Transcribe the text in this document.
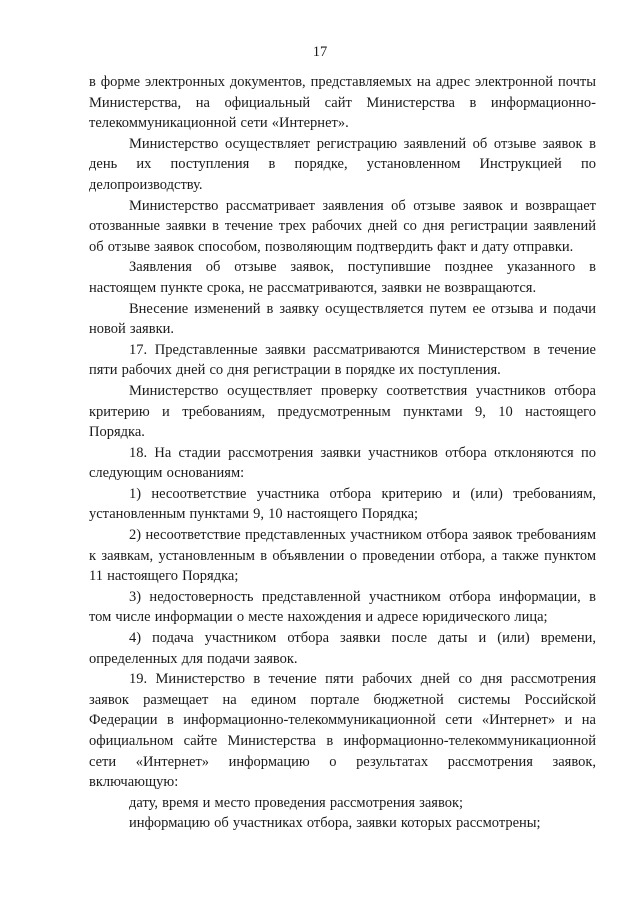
17

в форме электронных документов, представляемых на адрес электронной почты Министерства, на официальный сайт Министерства в информационно-телекоммуникационной сети «Интернет».

Министерство осуществляет регистрацию заявлений об отзыве заявок в день их поступления в порядке, установленном Инструкцией по делопроизводству.

Министерство рассматривает заявления об отзыве заявок и возвращает отозванные заявки в течение трех рабочих дней со дня регистрации заявлений об отзыве заявок способом, позволяющим подтвердить факт и дату отправки.

Заявления об отзыве заявок, поступившие позднее указанного в настоящем пункте срока, не рассматриваются, заявки не возвращаются.

Внесение изменений в заявку осуществляется путем ее отзыва и подачи новой заявки.

17. Представленные заявки рассматриваются Министерством в течение пяти рабочих дней со дня регистрации в порядке их поступления.

Министерство осуществляет проверку соответствия участников отбора критерию и требованиям, предусмотренным пунктами 9, 10 настоящего Порядка.

18. На стадии рассмотрения заявки участников отбора отклоняются по следующим основаниям:

1) несоответствие участника отбора критерию и (или) требованиям, установленным пунктами 9, 10 настоящего Порядка;

2) несоответствие представленных участником отбора заявок требованиям к заявкам, установленным в объявлении о проведении отбора, а также пунктом 11 настоящего Порядка;

3) недостоверность представленной участником отбора информации, в том числе информации о месте нахождения и адресе юридического лица;

4) подача участником отбора заявки после даты и (или) времени, определенных для подачи заявок.

19. Министерство в течение пяти рабочих дней со дня рассмотрения заявок размещает на едином портале бюджетной системы Российской Федерации в информационно-телекоммуникационной сети «Интернет» и на официальном сайте Министерства в информационно-телекоммуникационной сети «Интернет» информацию о результатах рассмотрения заявок, включающую:

дату, время и место проведения рассмотрения заявок;

информацию об участниках отбора, заявки которых рассмотрены;
